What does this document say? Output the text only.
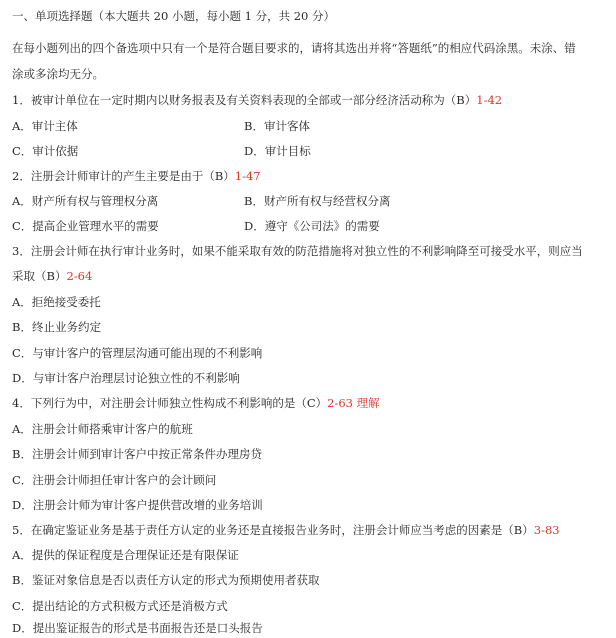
一、单项选择题（本大题共 20 小题，每小题 1 分，共 20 分）
在每小题列出的四个备选项中只有一个是符合题目要求的，请将其选出并将“答题纸”的相应代码涂黑。未涂、错
涂或多涂均无分。
1．被审计单位在一定时期内以财务报表及有关资料表现的全部或一部分经济活动称为（B）1-42
A．审计主体	B．审计客体
C．审计依据	D．审计目标
2．注册会计师审计的产生主要是由于（B）1-47
A．财产所有权与管理权分离	B．财产所有权与经营权分离
C．提高企业管理水平的需要	D．遵守《公司法》的需要
3．注册会计师在执行审计业务时，如果不能采取有效的防范措施将对独立性的不利影响降至可接受水平，则应当
采取（B）2-64
A．拒绝接受委托
B．终止业务约定
C．与审计客户的管理层沟通可能出现的不利影响
D．与审计客户治理层讨论独立性的不利影响
4．下列行为中，对注册会计师独立性构成不利影响的是（C）2-63 理解
A．注册会计师搭乘审计客户的航班
B．注册会计师到审计客户中按正常条件办理房贷
C．注册会计师担任审计客户的会计顾问
D．注册会计师为审计客户提供营改增的业务培训
5．在确定鉴证业务是基于责任方认定的业务还是直接报告业务时，注册会计师应当考虑的因素是（B）3-83
A．提供的保证程度是合理保证还是有限保证
B．鉴证对象信息是否以责任方认定的形式为预期使用者获取
C．提出结论的方式积极方式还是消极方式
D．提出鉴证报告的形式是书面报告还是口头报告
